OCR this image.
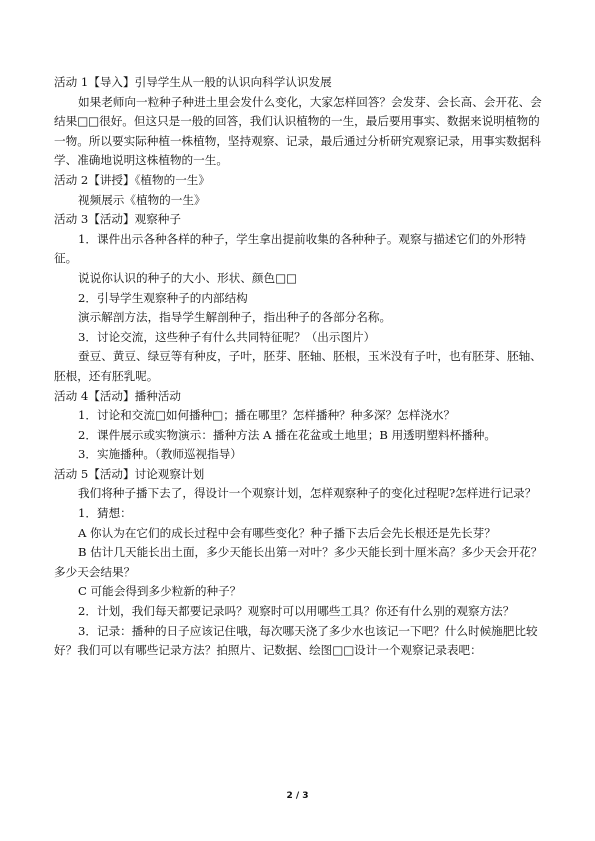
活动 1【导入】引导学生从一般的认识向科学认识发展

如果老师向一粒种子种进土里会发什么变化，大家怎样回答？会发芽、会长高、会开花、会结果□□很好。但这只是一般的回答，我们认识植物的一生，最后要用事实、数据来说明植物的一物。所以要实际种植一株植物，坚持观察、记录，最后通过分析研究观察记录，用事实数据科学、准确地说明这株植物的一生。

活动 2【讲授】《植物的一生》

视频展示《植物的一生》

活动 3【活动】观察种子

1．课件出示各种各样的种子，学生拿出提前收集的各种种子。观察与描述它们的外形特征。

说说你认识的种子的大小、形状、颜色□□

2．引导学生观察种子的内部结构

演示解剖方法，指导学生解剖种子，指出种子的各部分名称。

3．讨论交流，这些种子有什么共同特征呢？（出示图片）

蚕豆、黄豆、绿豆等有种皮，子叶，胚芽、胚轴、胚根，玉米没有子叶，也有胚芽、胚轴、胚根，还有胚乳呢。

活动 4【活动】播种活动

1．讨论和交流□如何播种□；播在哪里？怎样播种？种多深？怎样浇水？

2．课件展示或实物演示：播种方法 A 播在花盆或土地里；B 用透明塑料杯播种。

3．实施播种。（教师巡视指导）

活动 5【活动】讨论观察计划

我们将种子播下去了，得设计一个观察计划，怎样观察种子的变化过程呢?怎样进行记录？

1．猜想：

A 你认为在它们的成长过程中会有哪些变化？种子播下去后会先长根还是先长芽？

B 估计几天能长出土面，多少天能长出第一对叶？多少天能长到十厘米高？多少天会开花？多少天会结果？

C 可能会得到多少粒新的种子？

2．计划，我们每天都要记录吗？观察时可以用哪些工具？你还有什么别的观察方法？

3．记录：播种的日子应该记住哦，每次哪天浇了多少水也该记一下吧？什么时候施肥比较好？我们可以有哪些记录方法？拍照片、记数据、绘图□□设计一个观察记录表吧：

2 / 3
